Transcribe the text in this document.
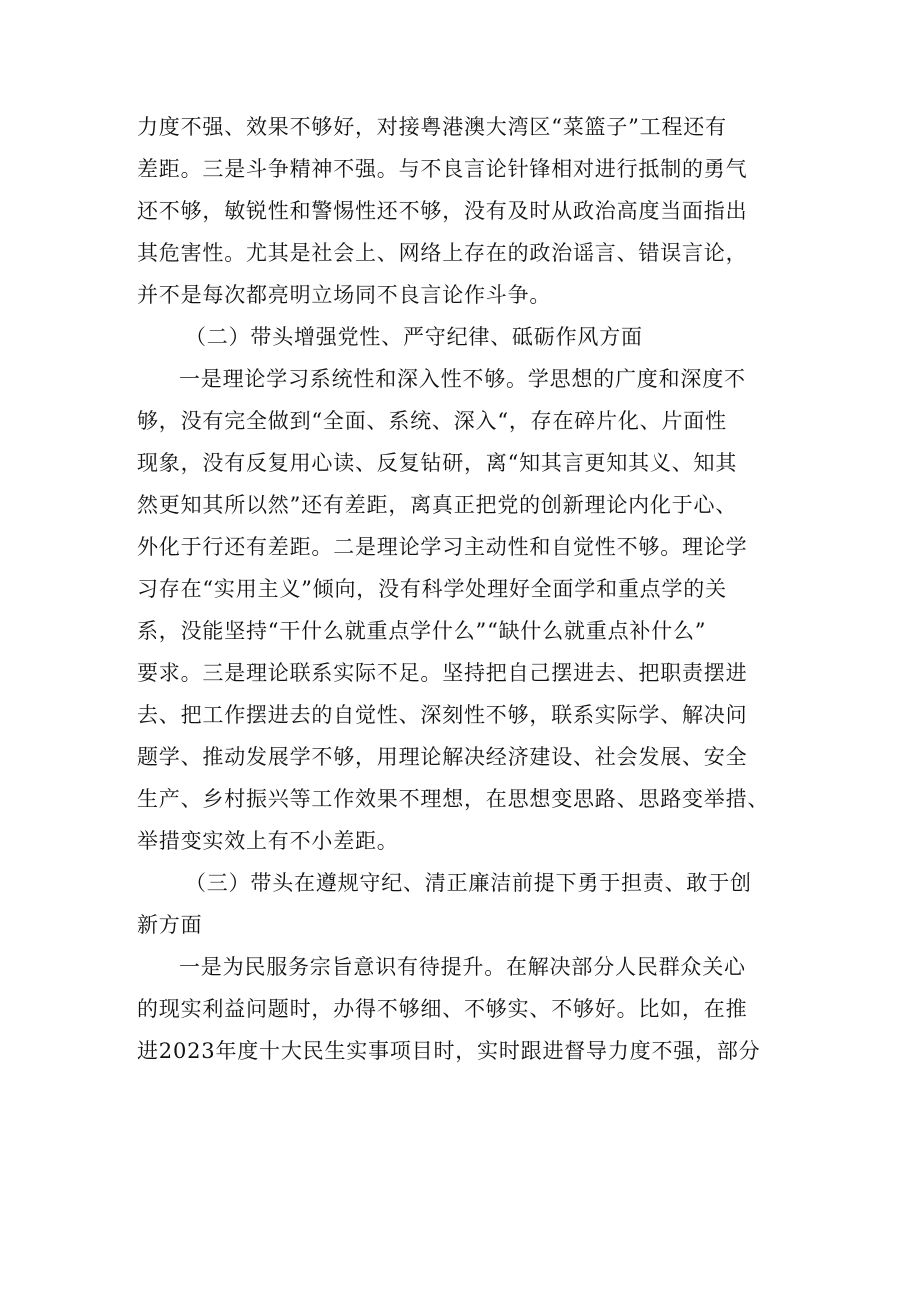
力度不强、效果不够好，对接粤港澳大湾区“菜篮子”工程还有
差距。三是斗争精神不强。与不良言论针锋相对进行抵制的勇气
还不够，敏锐性和警惕性还不够，没有及时从政治高度当面指出
其危害性。尤其是社会上、网络上存在的政治谣言、错误言论，
并不是每次都亮明立场同不良言论作斗争。
（二）带头增强党性、严守纪律、砥砺作风方面
一是理论学习系统性和深入性不够。学思想的广度和深度不
够，没有完全做到“全面、系统、深入“，存在碎片化、片面性
现象，没有反复用心读、反复钻研，离“知其言更知其义、知其
然更知其所以然”还有差距，离真正把党的创新理论内化于心、
外化于行还有差距。二是理论学习主动性和自觉性不够。理论学
习存在“实用主义”倾向，没有科学处理好全面学和重点学的关
系，没能坚持“干什么就重点学什么”“缺什么就重点补什么”
要求。三是理论联系实际不足。坚持把自己摆进去、把职责摆进
去、把工作摆进去的自觉性、深刻性不够，联系实际学、解决问
题学、推动发展学不够，用理论解决经济建设、社会发展、安全
生产、乡村振兴等工作效果不理想，在思想变思路、思路变举措、
举措变实效上有不小差距。
（三）带头在遵规守纪、清正廉洁前提下勇于担责、敢于创
新方面
一是为民服务宗旨意识有待提升。在解决部分人民群众关心
的现实利益问题时，办得不够细、不够实、不够好。比如，在推
进2023年度十大民生实事项目时，实时跟进督导力度不强，部分
